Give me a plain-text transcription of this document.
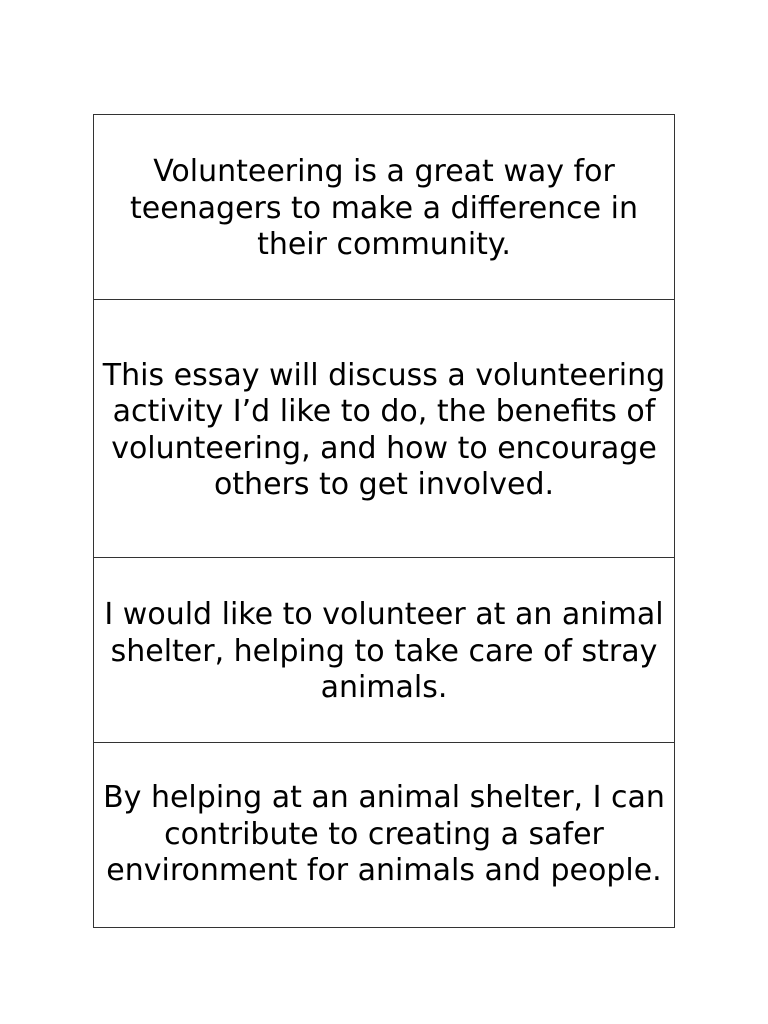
Volunteering is a great way for teenagers to make a difference in their community.
This essay will discuss a volunteering activity I’d like to do, the benefits of volunteering, and how to encourage others to get involved.
I would like to volunteer at an animal shelter, helping to take care of stray animals.
By helping at an animal shelter, I can contribute to creating a safer environment for animals and people.
